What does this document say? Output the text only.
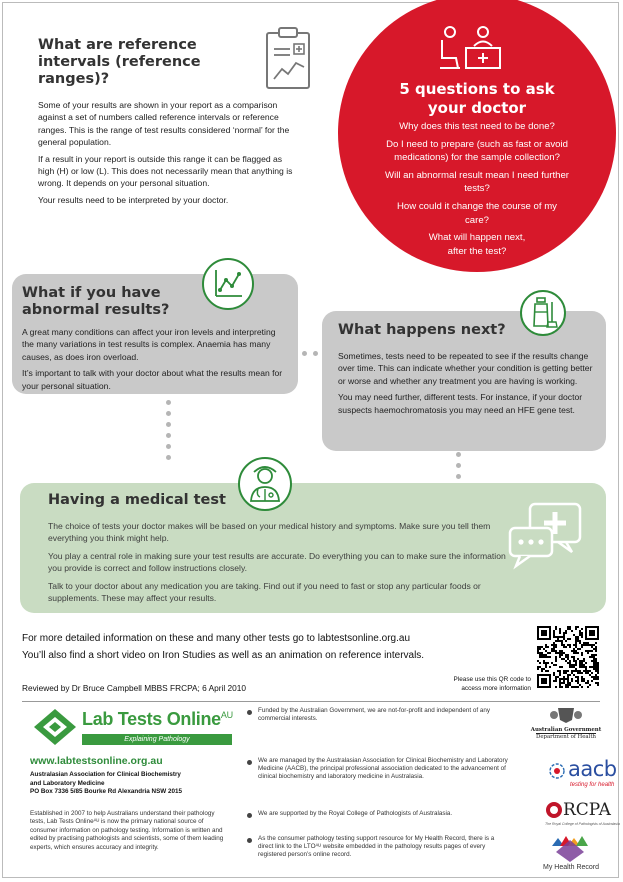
What are reference
intervals (reference
ranges)?

Some of your results are shown in your report as a comparison against a set of numbers called reference intervals or reference ranges. This is the range of test results considered ‘normal’ for the general population.

If a result in your report is outside this range it can be flagged as high (H) or low (L). This does not necessarily mean that anything is wrong. It depends on your personal situation.

Your results need to be interpreted by your doctor.

5 questions to ask
your doctor

Why does this test need to be done?

Do I need to prepare (such as fast or avoid
medications) for the sample collection?

Will an abnormal result mean I need further
tests?

How could it change the course of my
care?

What will happen next,
after the test?

What if you have
abnormal results?

A great many conditions can affect your iron levels and interpreting the many variations in test results is complex. Anaemia has many causes, as does iron overload.

It’s important to talk with your doctor about what the results mean for your personal situation.

What happens next?

Sometimes, tests need to be repeated to see if the results change over time. This can indicate whether your condition is getting better or worse and whether any treatment you are having is working.

You may need further, different tests. For instance, if your doctor suspects haemochromatosis you may need an HFE gene test.

Having a medical test

The choice of tests your doctor makes will be based on your medical history and symptoms. Make sure you tell them everything you think might help.

You play a central role in making sure your test results are accurate. Do everything you can to make sure the information you provide is correct and follow instructions closely.

Talk to your doctor about any medication you are taking. Find out if you need to fast or stop any particular foods or supplements. These may affect your results.

For more detailed information on these and many other tests go to labtestsonline.org.au

You’ll also find a short video on Iron Studies as well as an animation on reference intervals.

Please use this QR code to
access more information
Reviewed by Dr Bruce Campbell MBBS FRCPA; 6 April 2010
Lab Tests Online$^{AU}$
Explaining Pathology
www.labtestsonline.org.au
Australasian Association for Clinical Biochemistry
and Laboratory Medicine
PO Box 7336 5/85 Bourke Rd Alexandria NSW 2015
Established in 2007 to help Australians understand their pathology tests, Lab Tests Onlineᴬᵁ is now the primary national source of consumer information on pathology testing. Information is written and edited by practising pathologists and scientists, some of them leading experts, which ensures accuracy and integrity.
Funded by the Australian Government, we are not-for-profit and independent of any commercial interests.
We are managed by the Australasian Association for Clinical Biochemistry and Laboratory Medicine (AACB), the principal professional association dedicated to the advancement of clinical biochemistry and laboratory medicine in Australasia.
We are supported by the Royal College of Pathologists of Australasia.
As the consumer pathology testing support resource for My Health Record, there is a direct link to the LTOᴬᵁ website embedded in the pathology results pages of every registered person’s online record.
Australian Government
Department of Health
aacb
testing for health
RCPA
The Royal College of Pathologists of Australasia
My Health Record
